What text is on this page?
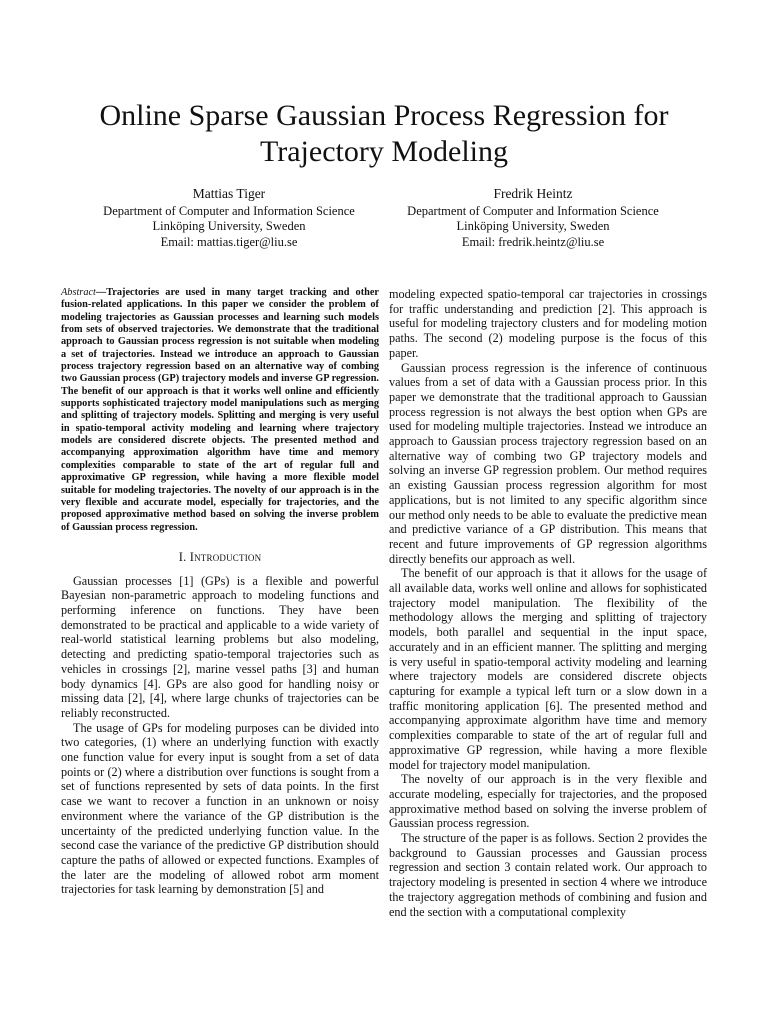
Online Sparse Gaussian Process Regression for
Trajectory Modeling
Mattias Tiger
Department of Computer and Information Science
Linköping University, Sweden
Email: mattias.tiger@liu.se
Fredrik Heintz
Department of Computer and Information Science
Linköping University, Sweden
Email: fredrik.heintz@liu.se
Abstract—Trajectories are used in many target tracking and other fusion-related applications. In this paper we consider the problem of modeling trajectories as Gaussian processes and learning such models from sets of observed trajectories. We demonstrate that the traditional approach to Gaussian process regression is not suitable when modeling a set of trajectories. Instead we introduce an approach to Gaussian process trajectory regression based on an alternative way of combing two Gaussian process (GP) trajectory models and inverse GP regression. The benefit of our approach is that it works well online and efficiently supports sophisticated trajectory model manipulations such as merging and splitting of trajectory models. Splitting and merging is very useful in spatio-temporal activity modeling and learning where trajectory models are considered discrete objects. The presented method and accompanying approximation algorithm have time and memory complexities comparable to state of the art of regular full and approximative GP regression, while having a more flexible model suitable for modeling trajectories. The novelty of our approach is in the very flexible and accurate model, especially for trajectories, and the proposed approximative method based on solving the inverse problem of Gaussian process regression.
I. Introduction

Gaussian processes [1] (GPs) is a flexible and powerful Bayesian non-parametric approach to modeling functions and performing inference on functions. They have been demonstrated to be practical and applicable to a wide variety of real-world statistical learning problems but also modeling, detecting and predicting spatio-temporal trajectories such as vehicles in crossings [2], marine vessel paths [3] and human body dynamics [4]. GPs are also good for handling noisy or missing data [2], [4], where large chunks of trajectories can be reliably reconstructed.

The usage of GPs for modeling purposes can be divided into two categories, (1) where an underlying function with exactly one function value for every input is sought from a set of data points or (2) where a distribution over functions is sought from a set of functions represented by sets of data points. In the first case we want to recover a function in an unknown or noisy environment where the variance of the GP distribution is the uncertainty of the predicted underlying function value. In the second case the variance of the predictive GP distribution should capture the paths of allowed or expected functions. Examples of the later are the modeling of allowed robot arm moment trajectories for task learning by demonstration [5] and

modeling expected spatio-temporal car trajectories in crossings for traffic understanding and prediction [2]. This approach is useful for modeling trajectory clusters and for modeling motion paths. The second (2) modeling purpose is the focus of this paper.

Gaussian process regression is the inference of continuous values from a set of data with a Gaussian process prior. In this paper we demonstrate that the traditional approach to Gaussian process regression is not always the best option when GPs are used for modeling multiple trajectories. Instead we introduce an approach to Gaussian process trajectory regression based on an alternative way of combing two GP trajectory models and solving an inverse GP regression problem. Our method requires an existing Gaussian process regression algorithm for most applications, but is not limited to any specific algorithm since our method only needs to be able to evaluate the predictive mean and predictive variance of a GP distribution. This means that recent and future improvements of GP regression algorithms directly benefits our approach as well.

The benefit of our approach is that it allows for the usage of all available data, works well online and allows for sophisticated trajectory model manipulation. The flexibility of the methodology allows the merging and splitting of trajectory models, both parallel and sequential in the input space, accurately and in an efficient manner. The splitting and merging is very useful in spatio-temporal activity modeling and learning where trajectory models are considered discrete objects capturing for example a typical left turn or a slow down in a traffic monitoring application [6]. The presented method and accompanying approximate algorithm have time and memory complexities comparable to state of the art of regular full and approximative GP regression, while having a more flexible model for trajectory model manipulation.

The novelty of our approach is in the very flexible and accurate modeling, especially for trajectories, and the proposed approximative method based on solving the inverse problem of Gaussian process regression.

The structure of the paper is as follows. Section 2 provides the background to Gaussian processes and Gaussian process regression and section 3 contain related work. Our approach to trajectory modeling is presented in section 4 where we introduce the trajectory aggregation methods of combining and fusion and end the section with a computational complexity
